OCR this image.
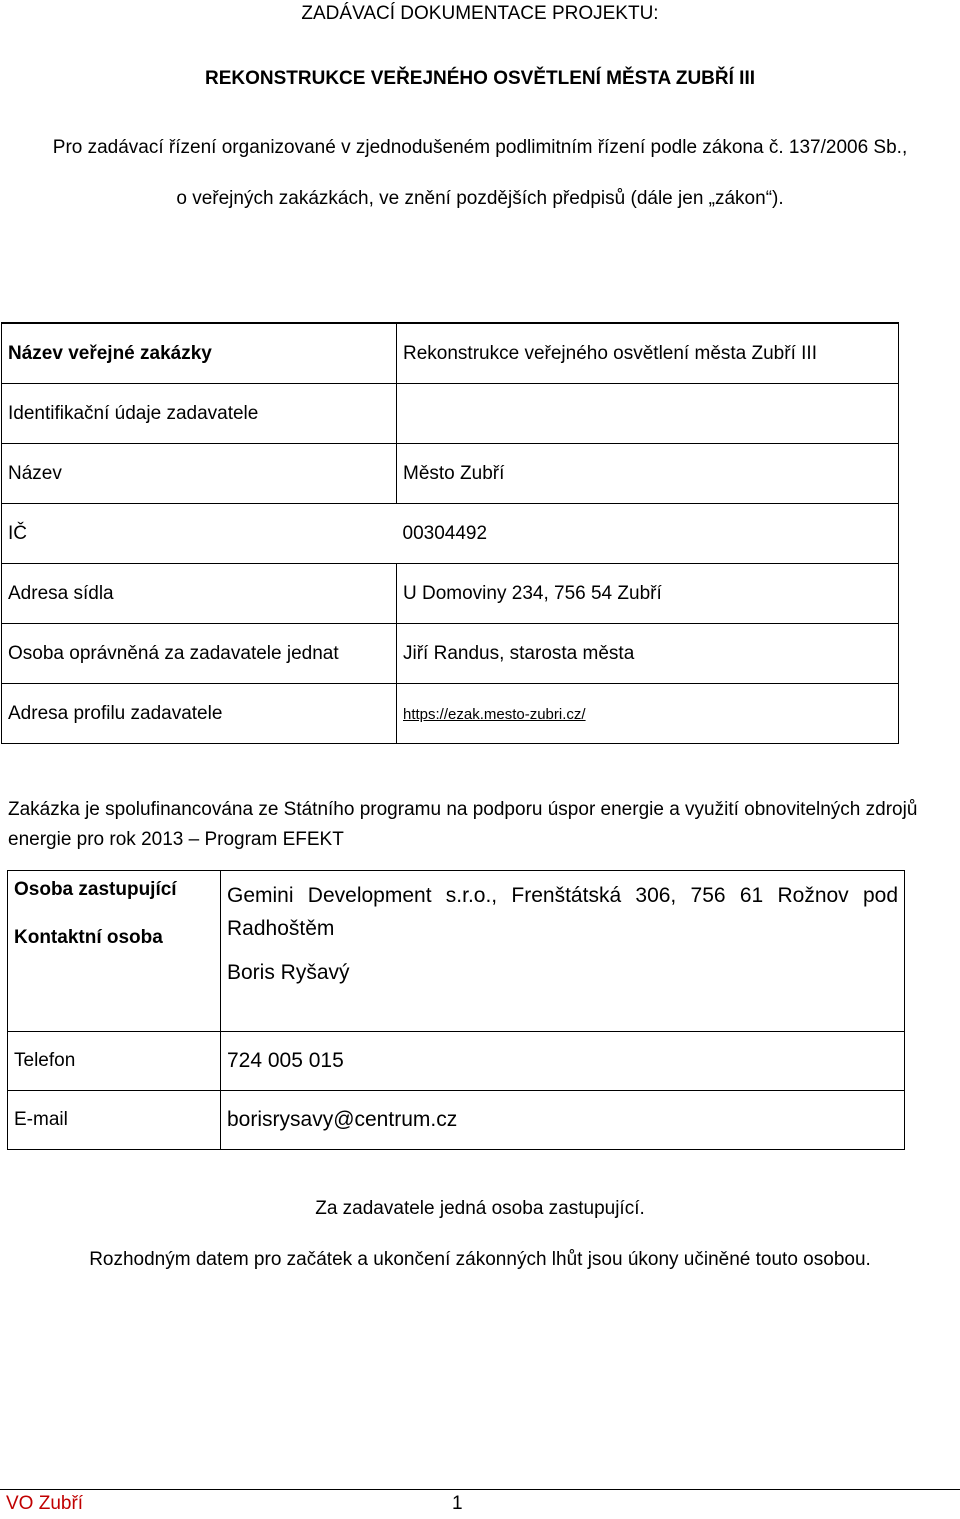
ZADÁVACÍ DOKUMENTACE PROJEKTU:
REKONSTRUKCE VEŘEJNÉHO OSVĚTLENÍ MĚSTA ZUBŘÍ III
Pro zadávací řízení organizované v zjednodušeném podlimitním řízení podle zákona č. 137/2006 Sb.,
o veřejných zakázkách, ve znění pozdějších předpisů (dále jen „zákon“).
Název veřejné zakázky	Rekonstrukce veřejného osvětlení města Zubří III
Identifikační údaje zadavatele	
Název	Město Zubří
IČ	00304492
Adresa sídla	U Domoviny 234, 756 54 Zubří
Osoba oprávněná za zadavatele jednat	Jiří Randus, starosta města
Adresa profilu zadavatele	https://ezak.mesto-zubri.cz/
Zakázka je spolufinancována ze Státního programu na podporu úspor energie a využití obnovitelných zdrojů energie pro rok 2013 – Program EFEKT
Osoba zastupující
Kontaktní osoba	Gemini Development s.r.o., Frenštátská 306, 756 61 Rožnov pod Radhoštěm
Boris Ryšavý

Telefon	724 005 015
E-mail	borisrysavy@centrum.cz
Za zadavatele jedná osoba zastupující.
Rozhodným datem pro začátek a ukončení zákonných lhůt jsou úkony učiněné touto osobou.
VO Zubří	1
